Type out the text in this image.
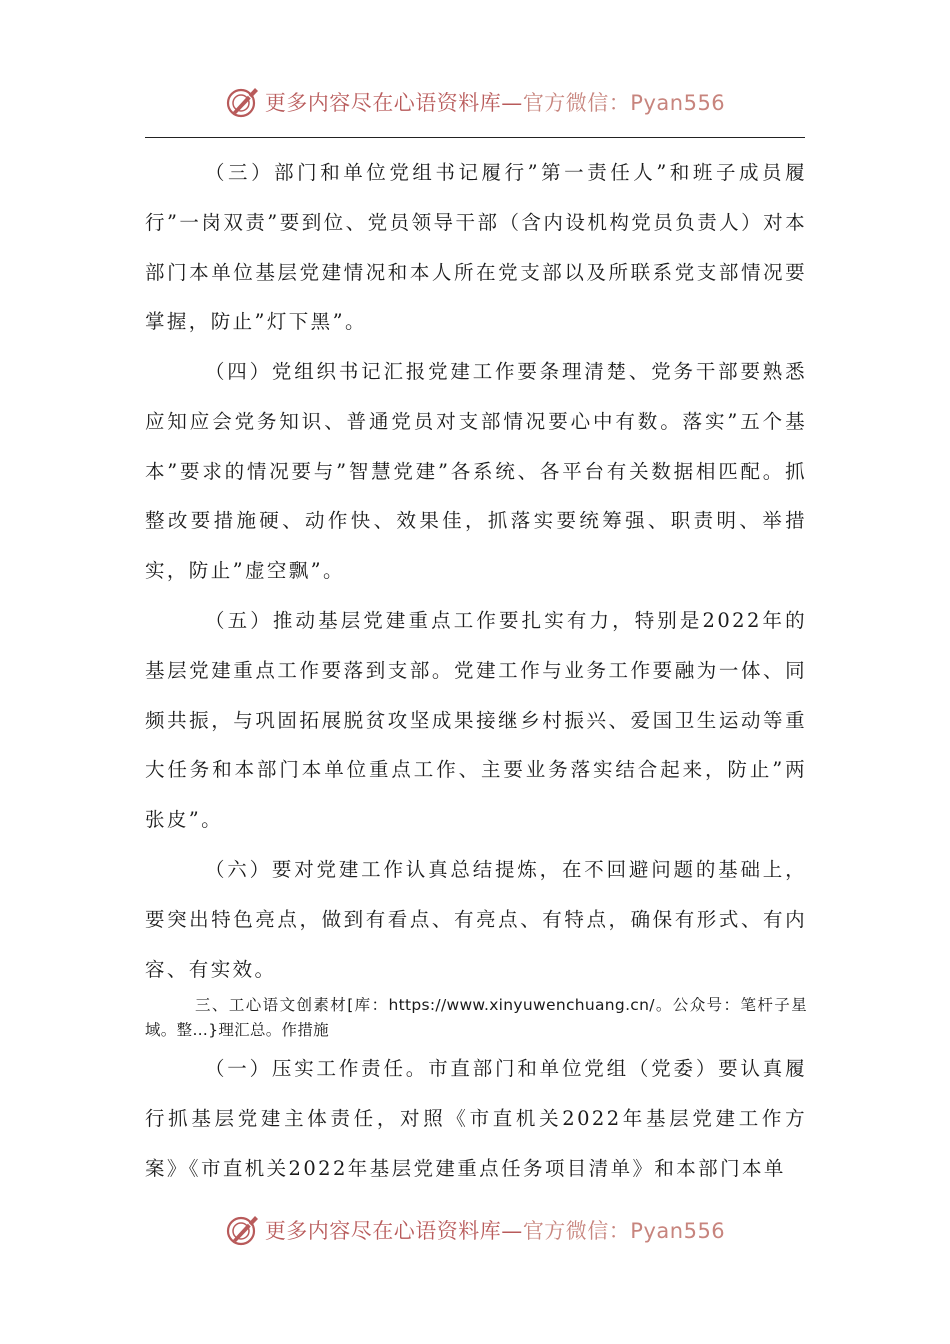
更多内容尽在心语资料库—官方微信：Pyan556

（三）部门和单位党组书记履行”第一责任人”和班子成员履行”一岗双责”要到位、党员领导干部（含内设机构党员负责人）对本部门本单位基层党建情况和本人所在党支部以及所联系党支部情况要掌握，防止”灯下黑”。

（四）党组织书记汇报党建工作要条理清楚、党务干部要熟悉应知应会党务知识、普通党员对支部情况要心中有数。落实”五个基本”要求的情况要与”智慧党建”各系统、各平台有关数据相匹配。抓整改要措施硬、动作快、效果佳，抓落实要统筹强、职责明、举措实，防止”虚空飘”。

（五）推动基层党建重点工作要扎实有力，特别是2022年的基层党建重点工作要落到支部。党建工作与业务工作要融为一体、同频共振，与巩固拓展脱贫攻坚成果接继乡村振兴、爱国卫生运动等重大任务和本部门本单位重点工作、主要业务落实结合起来，防止”两张皮”。

（六）要对党建工作认真总结提炼，在不回避问题的基础上，要突出特色亮点，做到有看点、有亮点、有特点，确保有形式、有内容、有实效。

三、工心语文创素材[库：https://www.xinyuwenchuang.cn/。公众号：笔杆子星域。整…}理汇总。作措施

（一）压实工作责任。市直部门和单位党组（党委）要认真履行抓基层党建主体责任，对照《市直机关2022年基层党建工作方案》《市直机关2022年基层党建重点任务项目清单》和本部门本单

更多内容尽在心语资料库—官方微信：Pyan556
